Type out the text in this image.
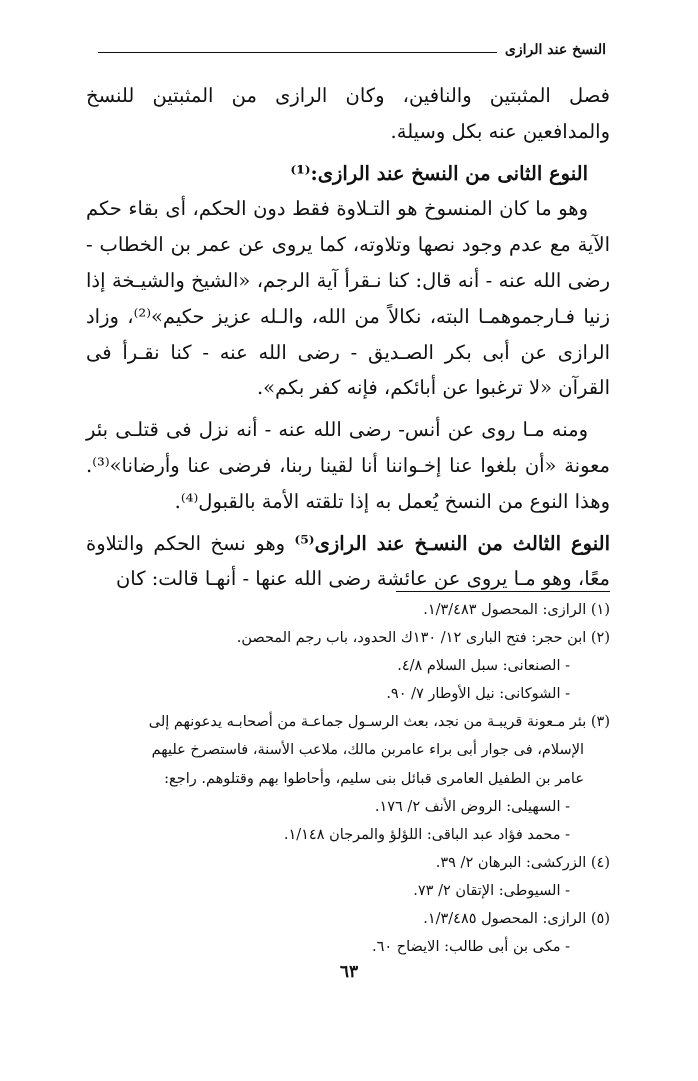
النسخ عند الرازى

فصل المثبتين والنافين، وكان الرازى من المثبتين للنسخ والمدافعين عنه بكل وسيلة.

النوع الثانى من النسخ عند الرازى:⁽¹⁾

وهو ما كان المنسوخ هو التـلاوة فقط دون الحكم، أى بقاء حكم الآية مع عدم وجود نصها وتلاوته، كما يروى عن عمر بن الخطاب - رضى الله عنه - أنه قال: كنا نـقرأ آية الرجم، «الشيخ والشيـخة إذا زنيا فـارجموهمـا البته، نكالاً من الله، والـله عزيز حكيم»⁽²⁾، وزاد الرازى عن أبى بكر الصـديق - رضى الله عنه - كنا نقـرأ فى القرآن «لا ترغبوا عن أبائكم، فإنه كفر بكم».

ومنه مـا روى عن أنس- رضى الله عنه - أنه نزل فى قتلـى بئر معونة «أن بلغوا عنا إخـواننا أنا لقينا ربنا، فرضى عنا وأرضانا»⁽³⁾. وهذا النوع من النسخ يُعمل به إذا تلقته الأمة بالقبول⁽⁴⁾.

النوع الثالث من النسـخ عند الرازى⁽⁵⁾ وهو نسخ الحكم والتلاوة معًا، وهو مـا يروى عن عائشة رضى الله عنها - أنهـا قالت: كان

(١) الرازى: المحصول ١/٣/٤٨٣.

(٢) ابن حجر: فتح البارى ١٢/ ١٣٠ك الحدود، باب رجم المحصن.

- الصنعانى: سبل السلام ٤/٨.

- الشوكانى: نيل الأوطار ٧/ ٩٠.

(٣) بئر مـعونة قريبـة من نجد، بعث الرسـول جماعـة من أصحابـه يدعونهم إلى

الإسلام، فى جوار أبى براء عامربن مالك، ملاعب الأسنة، فاستصرخ عليهم

عامر بن الطفيل العامرى قبائل بنى سليم، وأحاطوا بهم وقتلوهم. راجع:

- السهيلى: الروض الأنف ٢/ ١٧٦.

- محمد فؤاد عبد الباقى: اللؤلؤ والمرجان ١/١٤٨.

(٤) الزركشى: البرهان ٢/ ٣٩.

- السيوطى: الإتقان ٢/ ٧٣.

(٥) الرازى: المحصول ١/٣/٤٨٥.

- مكى بن أبى طالب: الايضاح ٦٠.

٦٣
